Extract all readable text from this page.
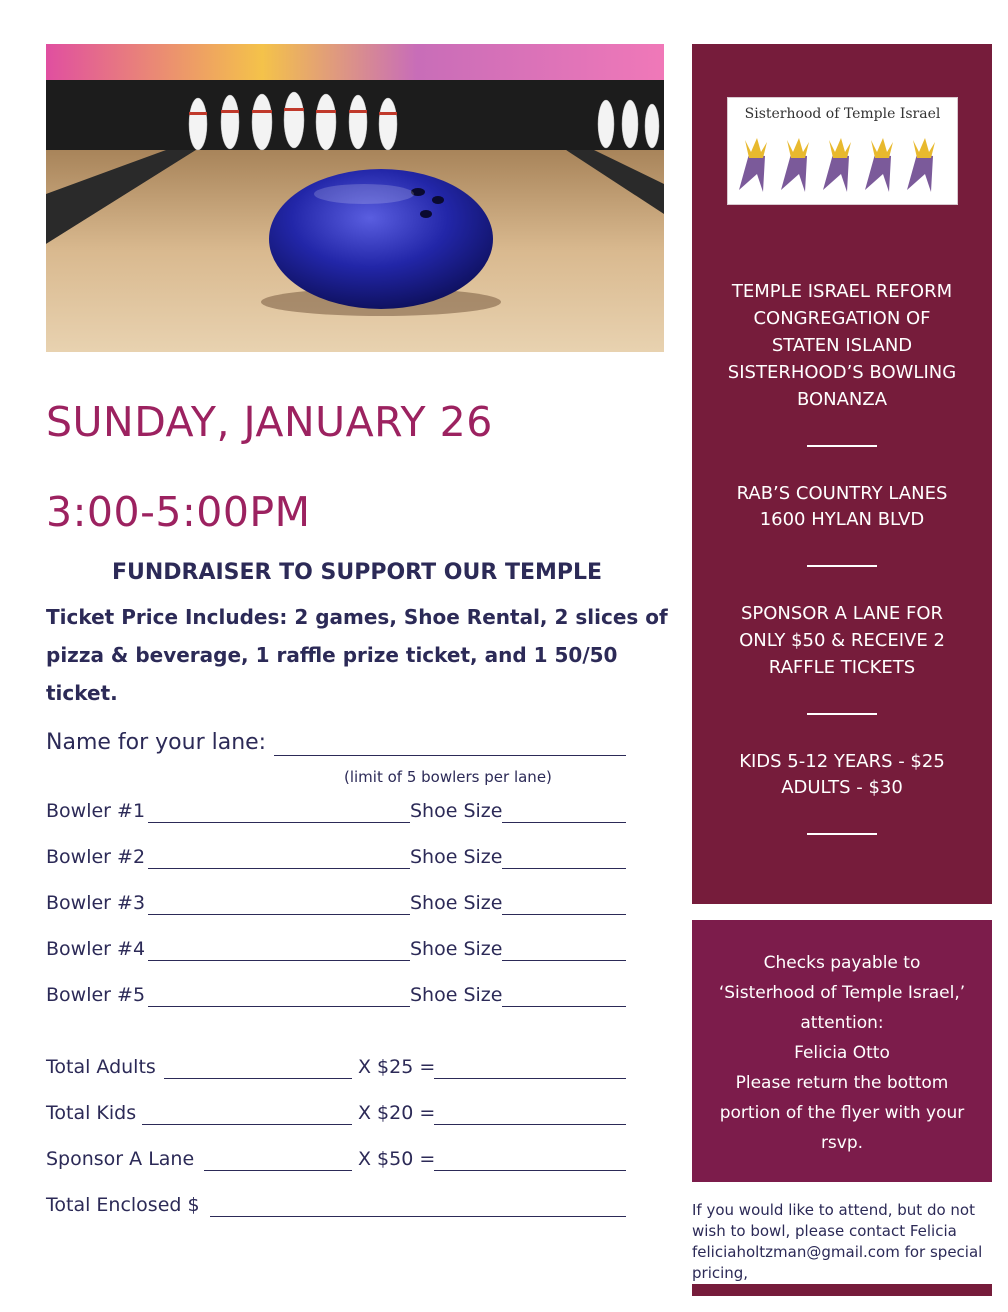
SUNDAY, JANUARY 26
3:00-5:00PM
FUNDRAISER TO SUPPORT OUR TEMPLE
Ticket Price Includes: 2 games, Shoe Rental, 2 slices of pizza & beverage, 1 raffle prize ticket, and 1 50/50 ticket.
Name for your lane:
(limit of 5 bowlers per lane)
Bowler #1	Shoe Size
Bowler #2	Shoe Size
Bowler #3	Shoe Size
Bowler #4	Shoe Size
Bowler #5	Shoe Size
Total Adults	X $25 =
Total Kids	X $20 =
Sponsor A Lane	X $50 =
Total Enclosed $
Sisterhood of Temple Israel
TEMPLE ISRAEL REFORM CONGREGATION OF STATEN ISLAND SISTERHOOD’S BOWLING BONANZA
RAB’S COUNTRY LANES
1600 HYLAN BLVD
SPONSOR A LANE FOR ONLY $50 & RECEIVE 2 RAFFLE TICKETS
KIDS 5-12 YEARS - $25
ADULTS - $30
Checks payable to
‘Sisterhood of Temple Israel,’
attention:
Felicia Otto
Please return the bottom portion of the flyer with your rsvp.
If you would like to attend, but do not wish to bowl, please contact Felicia feliciaholtzman@gmail.com for special pricing,
